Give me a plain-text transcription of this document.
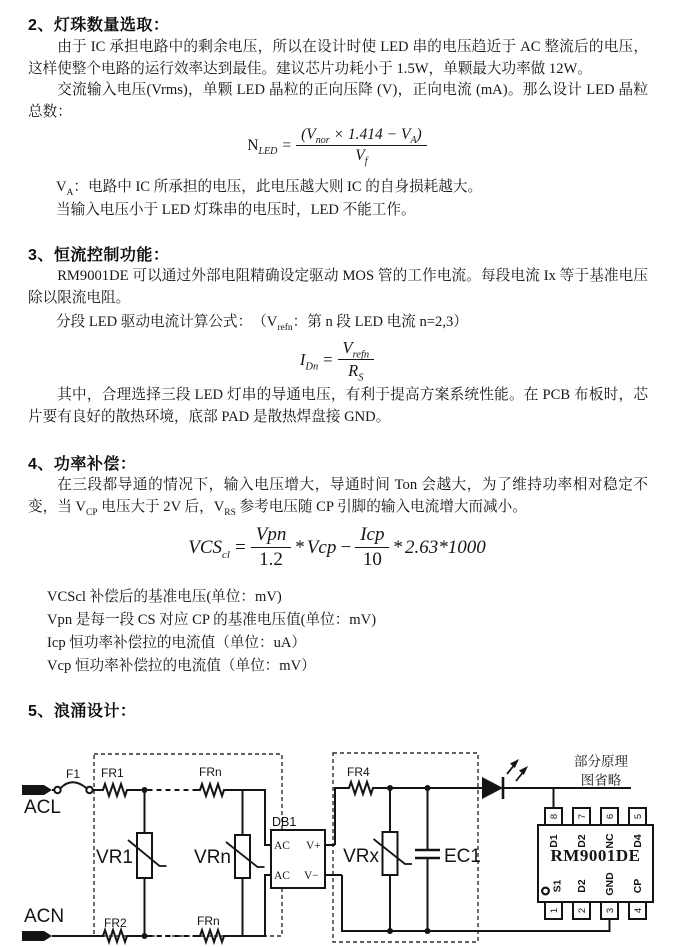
2、灯珠数量选取：
由于 IC 承担电路中的剩余电压，所以在设计时使 LED 串的电压趋近于 AC 整流后的电压，这样使整个电路的运行效率达到最佳。建议芯片功耗小于 1.5W，单颗最大功率做 12W。
交流输入电压(Vrms)，单颗 LED 晶粒的正向压降 (V)，正向电流 (mA)。那么设计 LED 晶粒总数：
$N_{LED} = \frac{(V_{nor} \times 1.414 - V_A)}{V_f}$
$V_A$：电路中 IC 所承担的电压，此电压越大则 IC 的自身损耗越大。
当输入电压小于 LED 灯珠串的电压时，LED 不能工作。
3、恒流控制功能：
RM9001DE 可以通过外部电阻精确设定驱动 MOS 管的工作电流。每段电流 Ix 等于基准电压除以限流电阻。
分段 LED 驱动电流计算公式：　（$V_{refn}$：第 n 段 LED 电流 n=2,3）
$I_{Dn} = \frac{V_{refn}}{R_S}$
其中，合理选择三段 LED 灯串的导通电压，有利于提高方案系统性能。在 PCB 布板时，芯片要有良好的散热环境，底部 PAD 是散热焊盘接 GND。
4、功率补偿：
在三段都导通的情况下，输入电压增大，导通时间 Ton 会越大，为了维持功率相对稳定不变，当 $V_{CP}$ 电压大于 2V 后，$V_{RS}$ 参考电压随 CP 引脚的输入电流增大而减小。
$VCS_{cl} = \frac{\text{Vpn}}{1.2}$ * Vcp − $\frac{\text{Icp}}{10} * 2.63*1000$
VCScl 补偿后的基准电压(单位：mV)
Vpn 是每一段 CS 对应 CP 的基准电压值(单位：mV)
Icp 恒功率补偿拉的电流值（单位：uA）
Vcp 恒功率补偿拉的电流值（单位：mV）
5、浪涌设计：
ACL
ACN
F1 FR1	FRn
FR2	FRn
FR4
VR1	VRn	VRx	EC1
DB1
AC V+
AC V−
部分原理
图省略
RM9001DE
8 7 6 5
D1 D2 NC D4
S1 D2 GND CP
1 2 3 4
